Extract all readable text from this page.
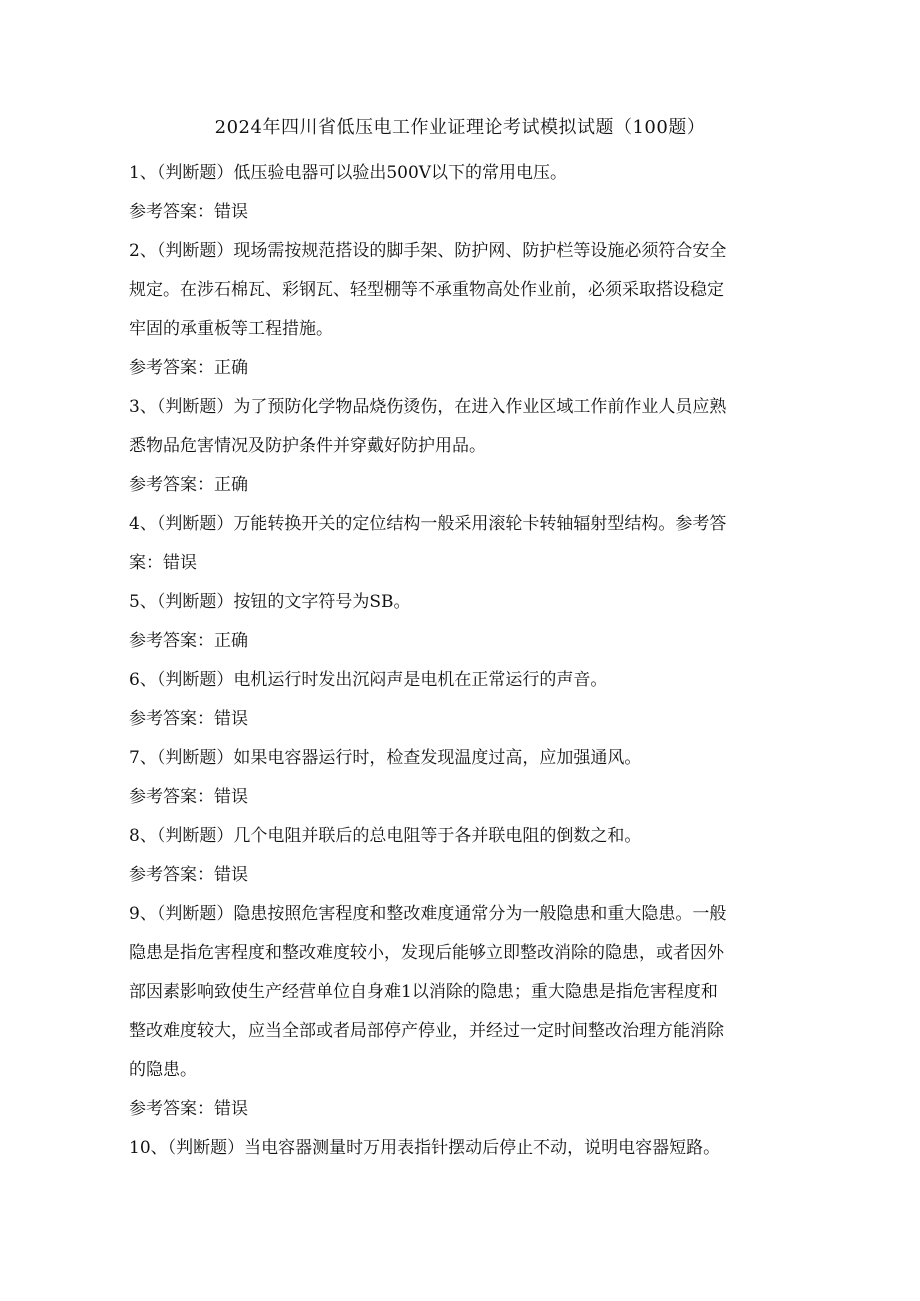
2024年四川省低压电工作业证理论考试模拟试题（100题）
1、（判断题）低压验电器可以验出500V以下的常用电压。
参考答案：错误
2、（判断题）现场需按规范搭设的脚手架、防护网、防护栏等设施必须符合安全
规定。在涉石棉瓦、彩钢瓦、轻型棚等不承重物高处作业前，必须采取搭设稳定
牢固的承重板等工程措施。
参考答案：正确
3、（判断题）为了预防化学物品烧伤烫伤，在进入作业区域工作前作业人员应熟
悉物品危害情况及防护条件并穿戴好防护用品。
参考答案：正确
4、（判断题）万能转换开关的定位结构一般采用滚轮卡转轴辐射型结构。参考答
案：错误
5、（判断题）按钮的文字符号为SB。
参考答案：正确
6、（判断题）电机运行时发出沉闷声是电机在正常运行的声音。
参考答案：错误
7、（判断题）如果电容器运行时，检查发现温度过高，应加强通风。
参考答案：错误
8、（判断题）几个电阻并联后的总电阻等于各并联电阻的倒数之和。
参考答案：错误
9、（判断题）隐患按照危害程度和整改难度通常分为一般隐患和重大隐患。一般
隐患是指危害程度和整改难度较小，发现后能够立即整改消除的隐患，或者因外
部因素影响致使生产经营单位自身难1以消除的隐患；重大隐患是指危害程度和
整改难度较大，应当全部或者局部停产停业，并经过一定时间整改治理方能消除
的隐患。
参考答案：错误
10、（判断题）当电容器测量时万用表指针摆动后停止不动，说明电容器短路。
